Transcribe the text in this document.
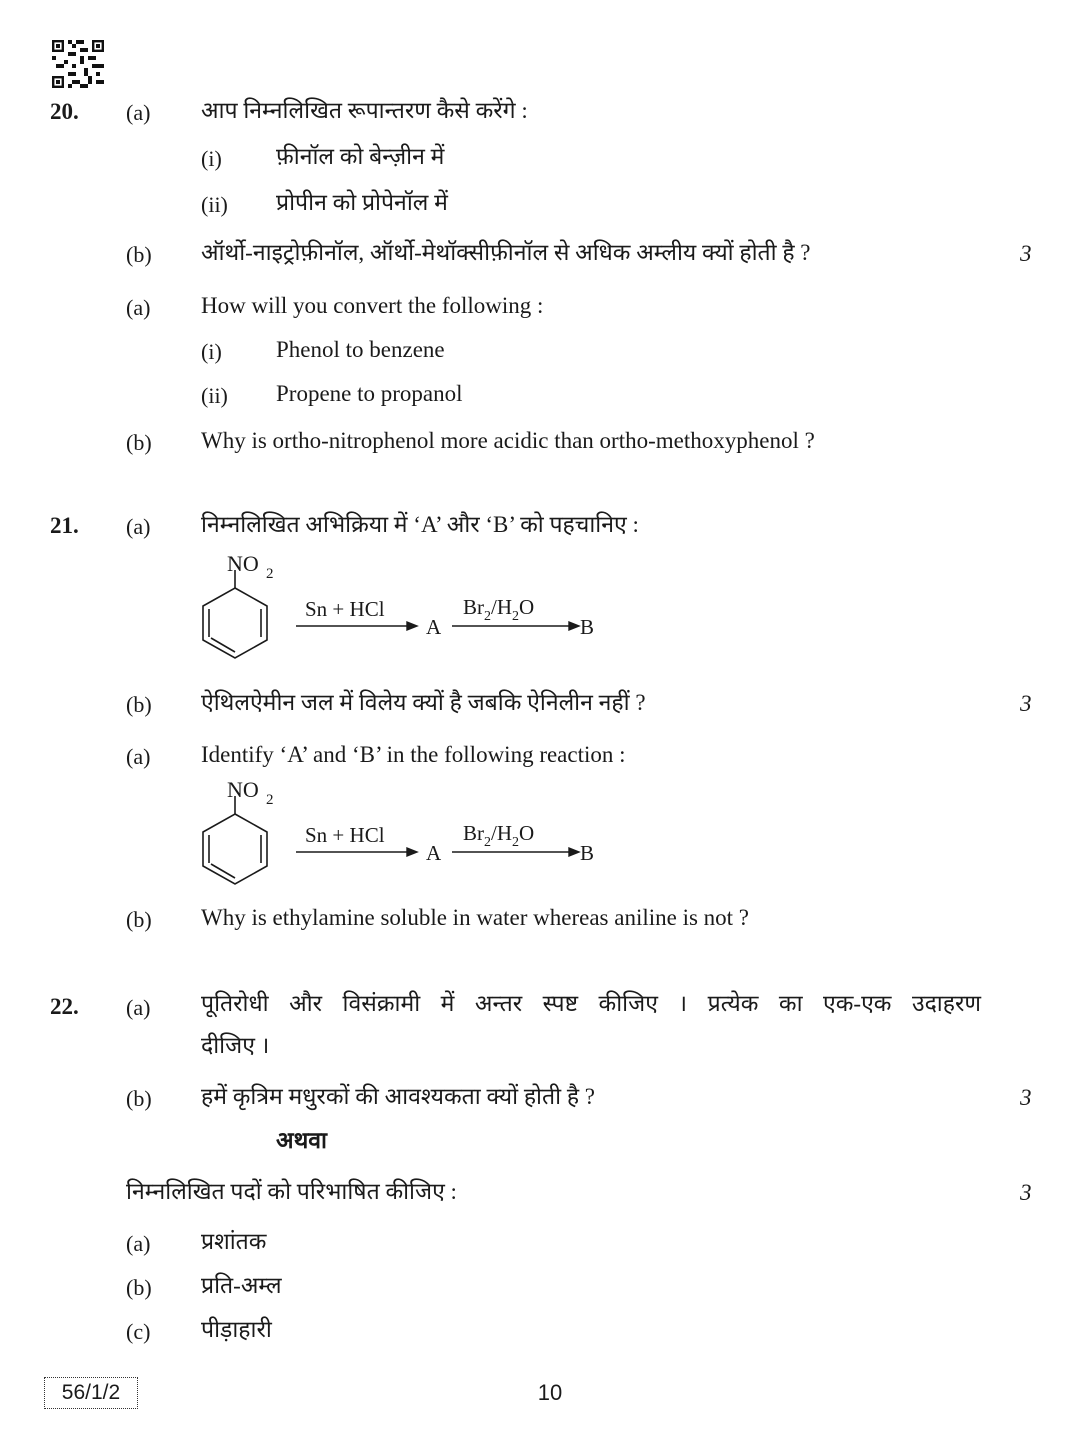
20. (a) आप निम्नलिखित रूपान्तरण कैसे करेंगे :
(i) फ़ीनॉल को बेन्ज़ीन में
(ii) प्रोपीन को प्रोपेनॉल में
(b) ऑर्थो-नाइट्रोफ़ीनॉल, ऑर्थो-मेथॉक्सीफ़ीनॉल से अधिक अम्लीय क्यों होती है ?	3
(a) How will you convert the following :
(i) Phenol to benzene
(ii) Propene to propanol
(b) Why is ortho-nitrophenol more acidic than ortho-methoxyphenol ?
21. (a) निम्नलिखित अभिक्रिया में ‘A’ और ‘B’ को पहचानिए :
NO 2
Sn + HCl
A
$Br_2/H_2O$
B
(b) ऐथिलऐमीन जल में विलेय क्यों है जबकि ऐनिलीन नहीं ?	3
(a) Identify ‘A’ and ‘B’ in the following reaction :
NO 2
Sn + HCl
A
$Br_2/H_2O$
B
(b) Why is ethylamine soluble in water whereas aniline is not ?
22. (a) पूतिरोधी और विसंक्रामी में अन्तर स्पष्ट कीजिए । प्रत्येक का एक-एक उदाहरण
दीजिए ।
(b) हमें कृत्रिम मधुरकों की आवश्यकता क्यों होती है ?	3
अथवा
निम्नलिखित पदों को परिभाषित कीजिए :	3
(a) प्रशांतक
(b) प्रति-अम्ल
(c) पीड़ाहारी
56/1/2	10
